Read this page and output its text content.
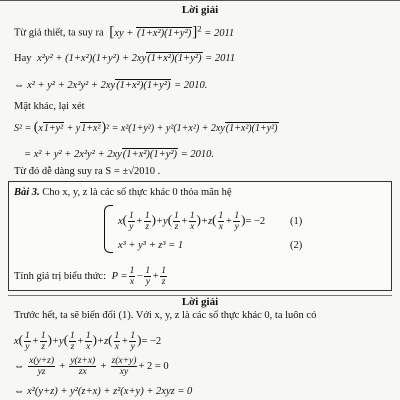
Lời giải
Từ giả thiết, ta suy ra [xy + (1+x²)(1+y²)]$^2$ = 2011
Hay x²y² + (1+x²)(1+y²) + 2xy(1+x²)(1+y²) = 2011
⇔ x² + y² + 2x²y² + 2xy(1+x²)(1+y²) = 2010.
Mặt khác, lại xét
S² = (x1+y² + y1+x²)² = x²(1+y²) + y²(1+x²) + 2xy(1+x²)(1+y²)
= x² + y² + 2x²y² + 2xy(1+x²)(1+y²) = 2010.
Từ đó dễ dàng suy ra S = ±√2010 .
Bài 3. Cho x, y, z là các số thực khác 0 thỏa mãn hệ
$x( \frac{1}{y} + \frac{1}{z} )+y( \frac{1}{z} + \frac{1}{x} )+z( \frac{1}{x} + \frac{1}{y}$ )= −2 (1)
x³ + y³ + z³ = 1	(2)
Tính giá trị biểu thức: $P = \frac{1}{x} - \frac{1}{y} + \frac{1}{z}$
Lời giải
Trước hết, ta sẽ biến đổi (1). Với x, y, z là các số thực khác 0, ta luôn có
$x( \frac{1}{y} + \frac{1}{z} )+y( \frac{1}{z} + \frac{1}{x} )+z( \frac{1}{x} + \frac{1}{y}$ )= −2
⇔ $\frac{x(y+z)}{yz} + \frac{y(z+x)}{zx} + \frac{z(x+y)}{xy} + 2 = 0$
⇔ x²(y+z) + y²(z+x) + z²(x+y) + 2xyz = 0
